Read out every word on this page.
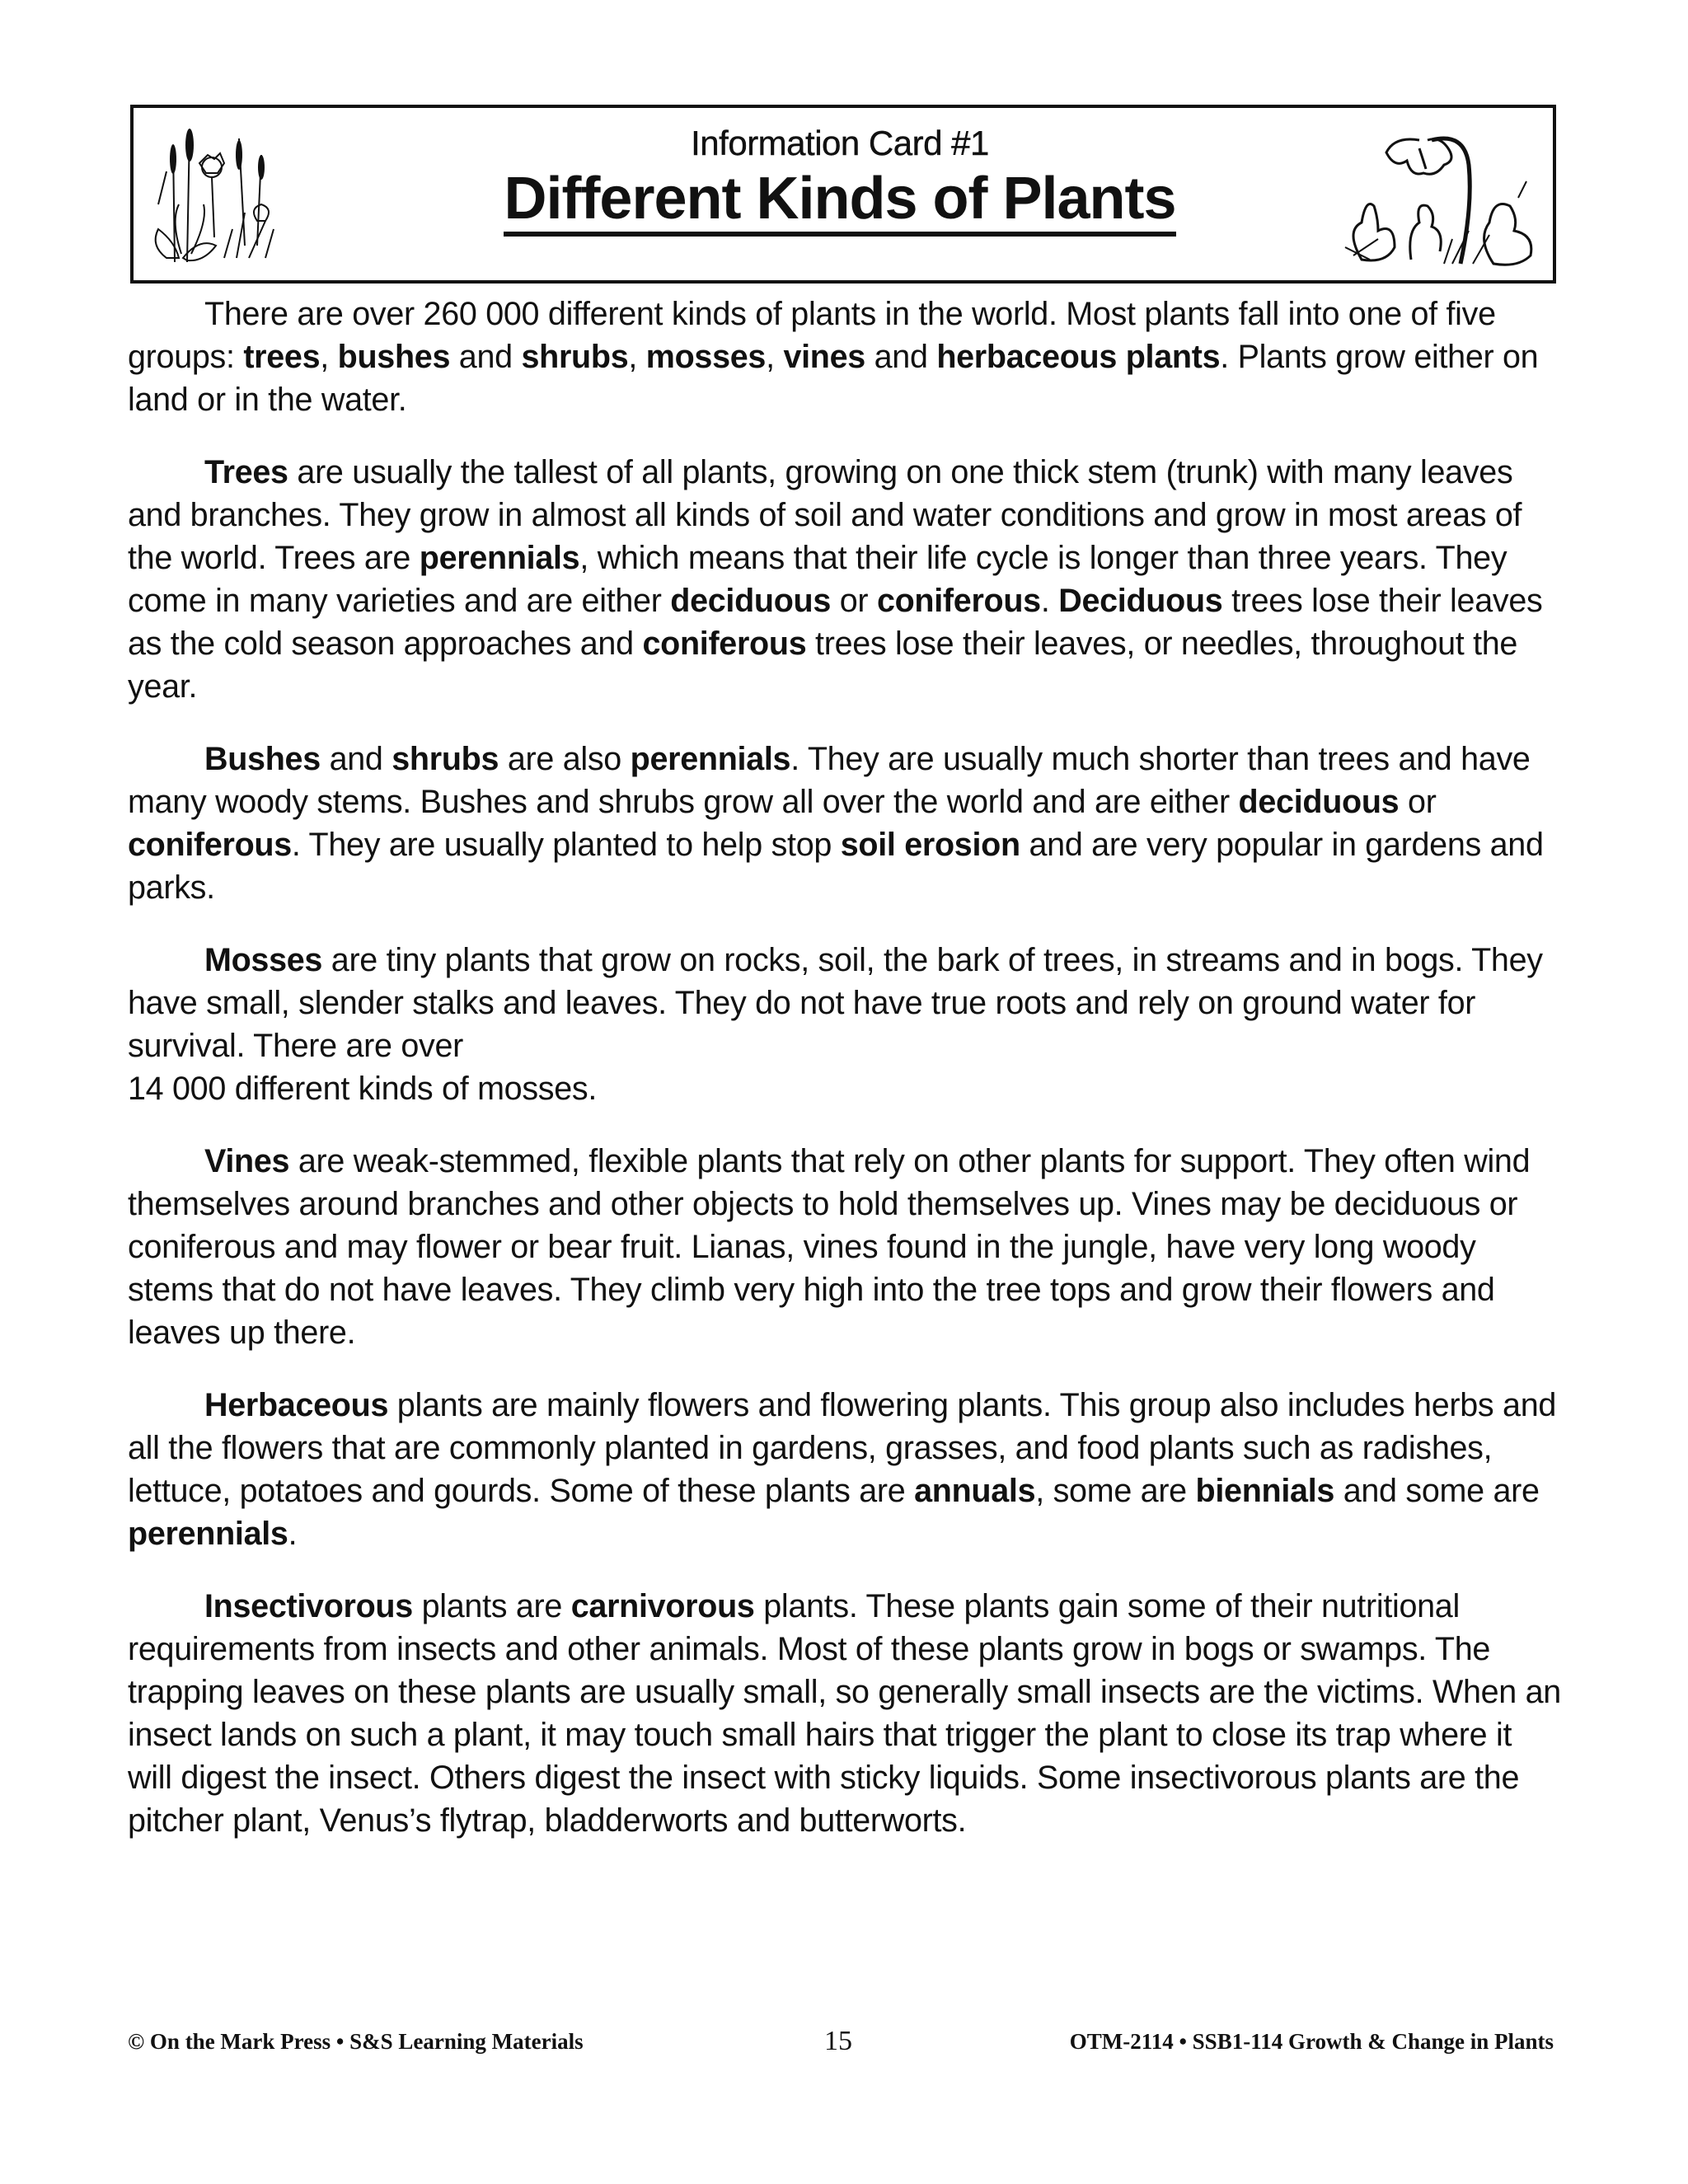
Information Card #1
Different Kinds of Plants

There are over 260 000 different kinds of plants in the world. Most plants fall into one of five groups: trees, bushes and shrubs, mosses, vines and herbaceous plants. Plants grow either on land or in the water.

Trees are usually the tallest of all plants, growing on one thick stem (trunk) with many leaves and branches. They grow in almost all kinds of soil and water conditions and grow in most areas of the world. Trees are perennials, which means that their life cycle is longer than three years. They come in many varieties and are either deciduous or coniferous. Deciduous trees lose their leaves as the cold season approaches and coniferous trees lose their leaves, or needles, throughout the year.

Bushes and shrubs are also perennials. They are usually much shorter than trees and have many woody stems. Bushes and shrubs grow all over the world and are either deciduous or coniferous. They are usually planted to help stop soil erosion and are very popular in gardens and parks.

Mosses are tiny plants that grow on rocks, soil, the bark of trees, in streams and in bogs. They have small, slender stalks and leaves. They do not have true roots and rely on ground water for survival. There are over
14 000 different kinds of mosses.

Vines are weak-stemmed, flexible plants that rely on other plants for support. They often wind themselves around branches and other objects to hold themselves up. Vines may be deciduous or coniferous and may flower or bear fruit. Lianas, vines found in the jungle, have very long woody stems that do not have leaves. They climb very high into the tree tops and grow their flowers and leaves up there.

Herbaceous plants are mainly flowers and flowering plants. This group also includes herbs and all the flowers that are commonly planted in gardens, grasses, and food plants such as radishes, lettuce, potatoes and gourds. Some of these plants are annuals, some are biennials and some are perennials.

Insectivorous plants are carnivorous plants. These plants gain some of their nutritional requirements from insects and other animals. Most of these plants grow in bogs or swamps. The trapping leaves on these plants are usually small, so generally small insects are the victims. When an insect lands on such a plant, it may touch small hairs that trigger the plant to close its trap where it will digest the insect. Others digest the insect with sticky liquids. Some insectivorous plants are the pitcher plant, Venus’s flytrap, bladderworts and butterworts.

© On the Mark Press • S&S Learning Materials	15	OTM-2114 • SSB1-114 Growth & Change in Plants
